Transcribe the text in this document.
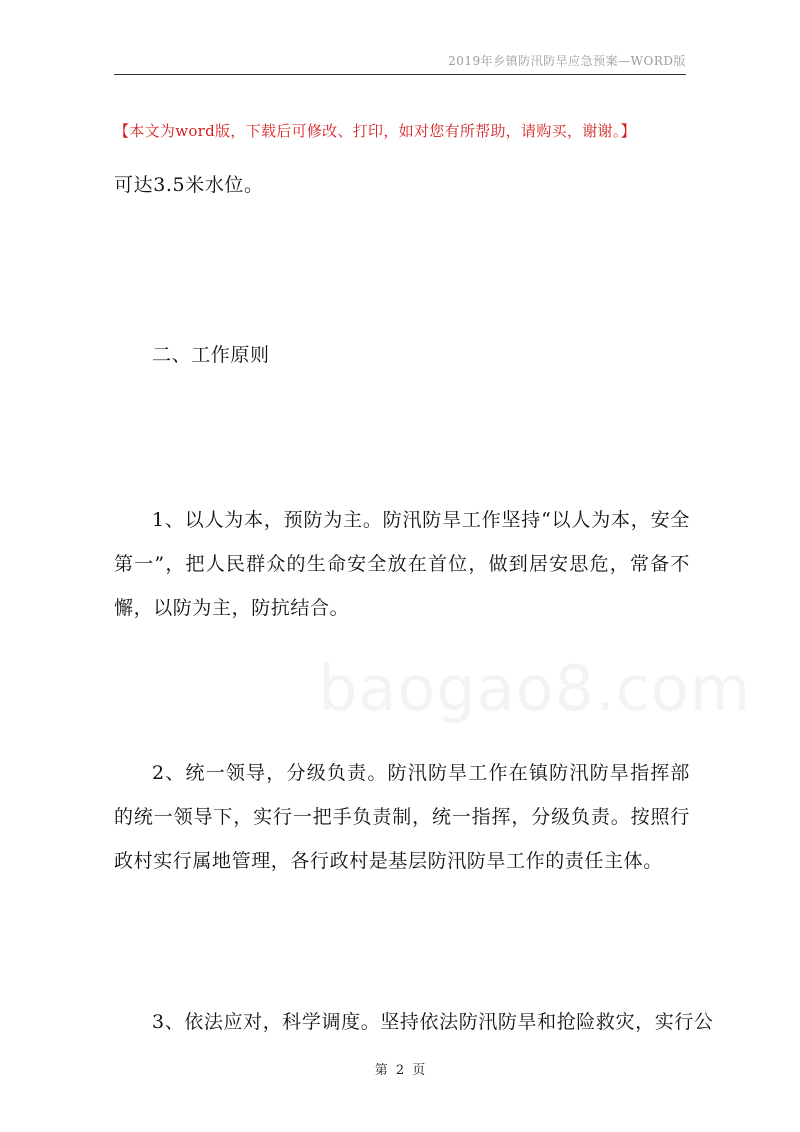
2019年乡镇防汛防旱应急预案—WORD版
【本文为word版，下载后可修改、打印，如对您有所帮助，请购买，谢谢。】
可达3.5米水位。
二、工作原则
1、以人为本，预防为主。防汛防旱工作坚持“以人为本，安全第一”，把人民群众的生命安全放在首位，做到居安思危，常备不懈，以防为主，防抗结合。
2、统一领导，分级负责。防汛防旱工作在镇防汛防旱指挥部的统一领导下，实行一把手负责制，统一指挥，分级负责。按照行政村实行属地管理，各行政村是基层防汛防旱工作的责任主体。
3、依法应对，科学调度。坚持依法防汛防旱和抢险救灾，实行公
第 2 页
